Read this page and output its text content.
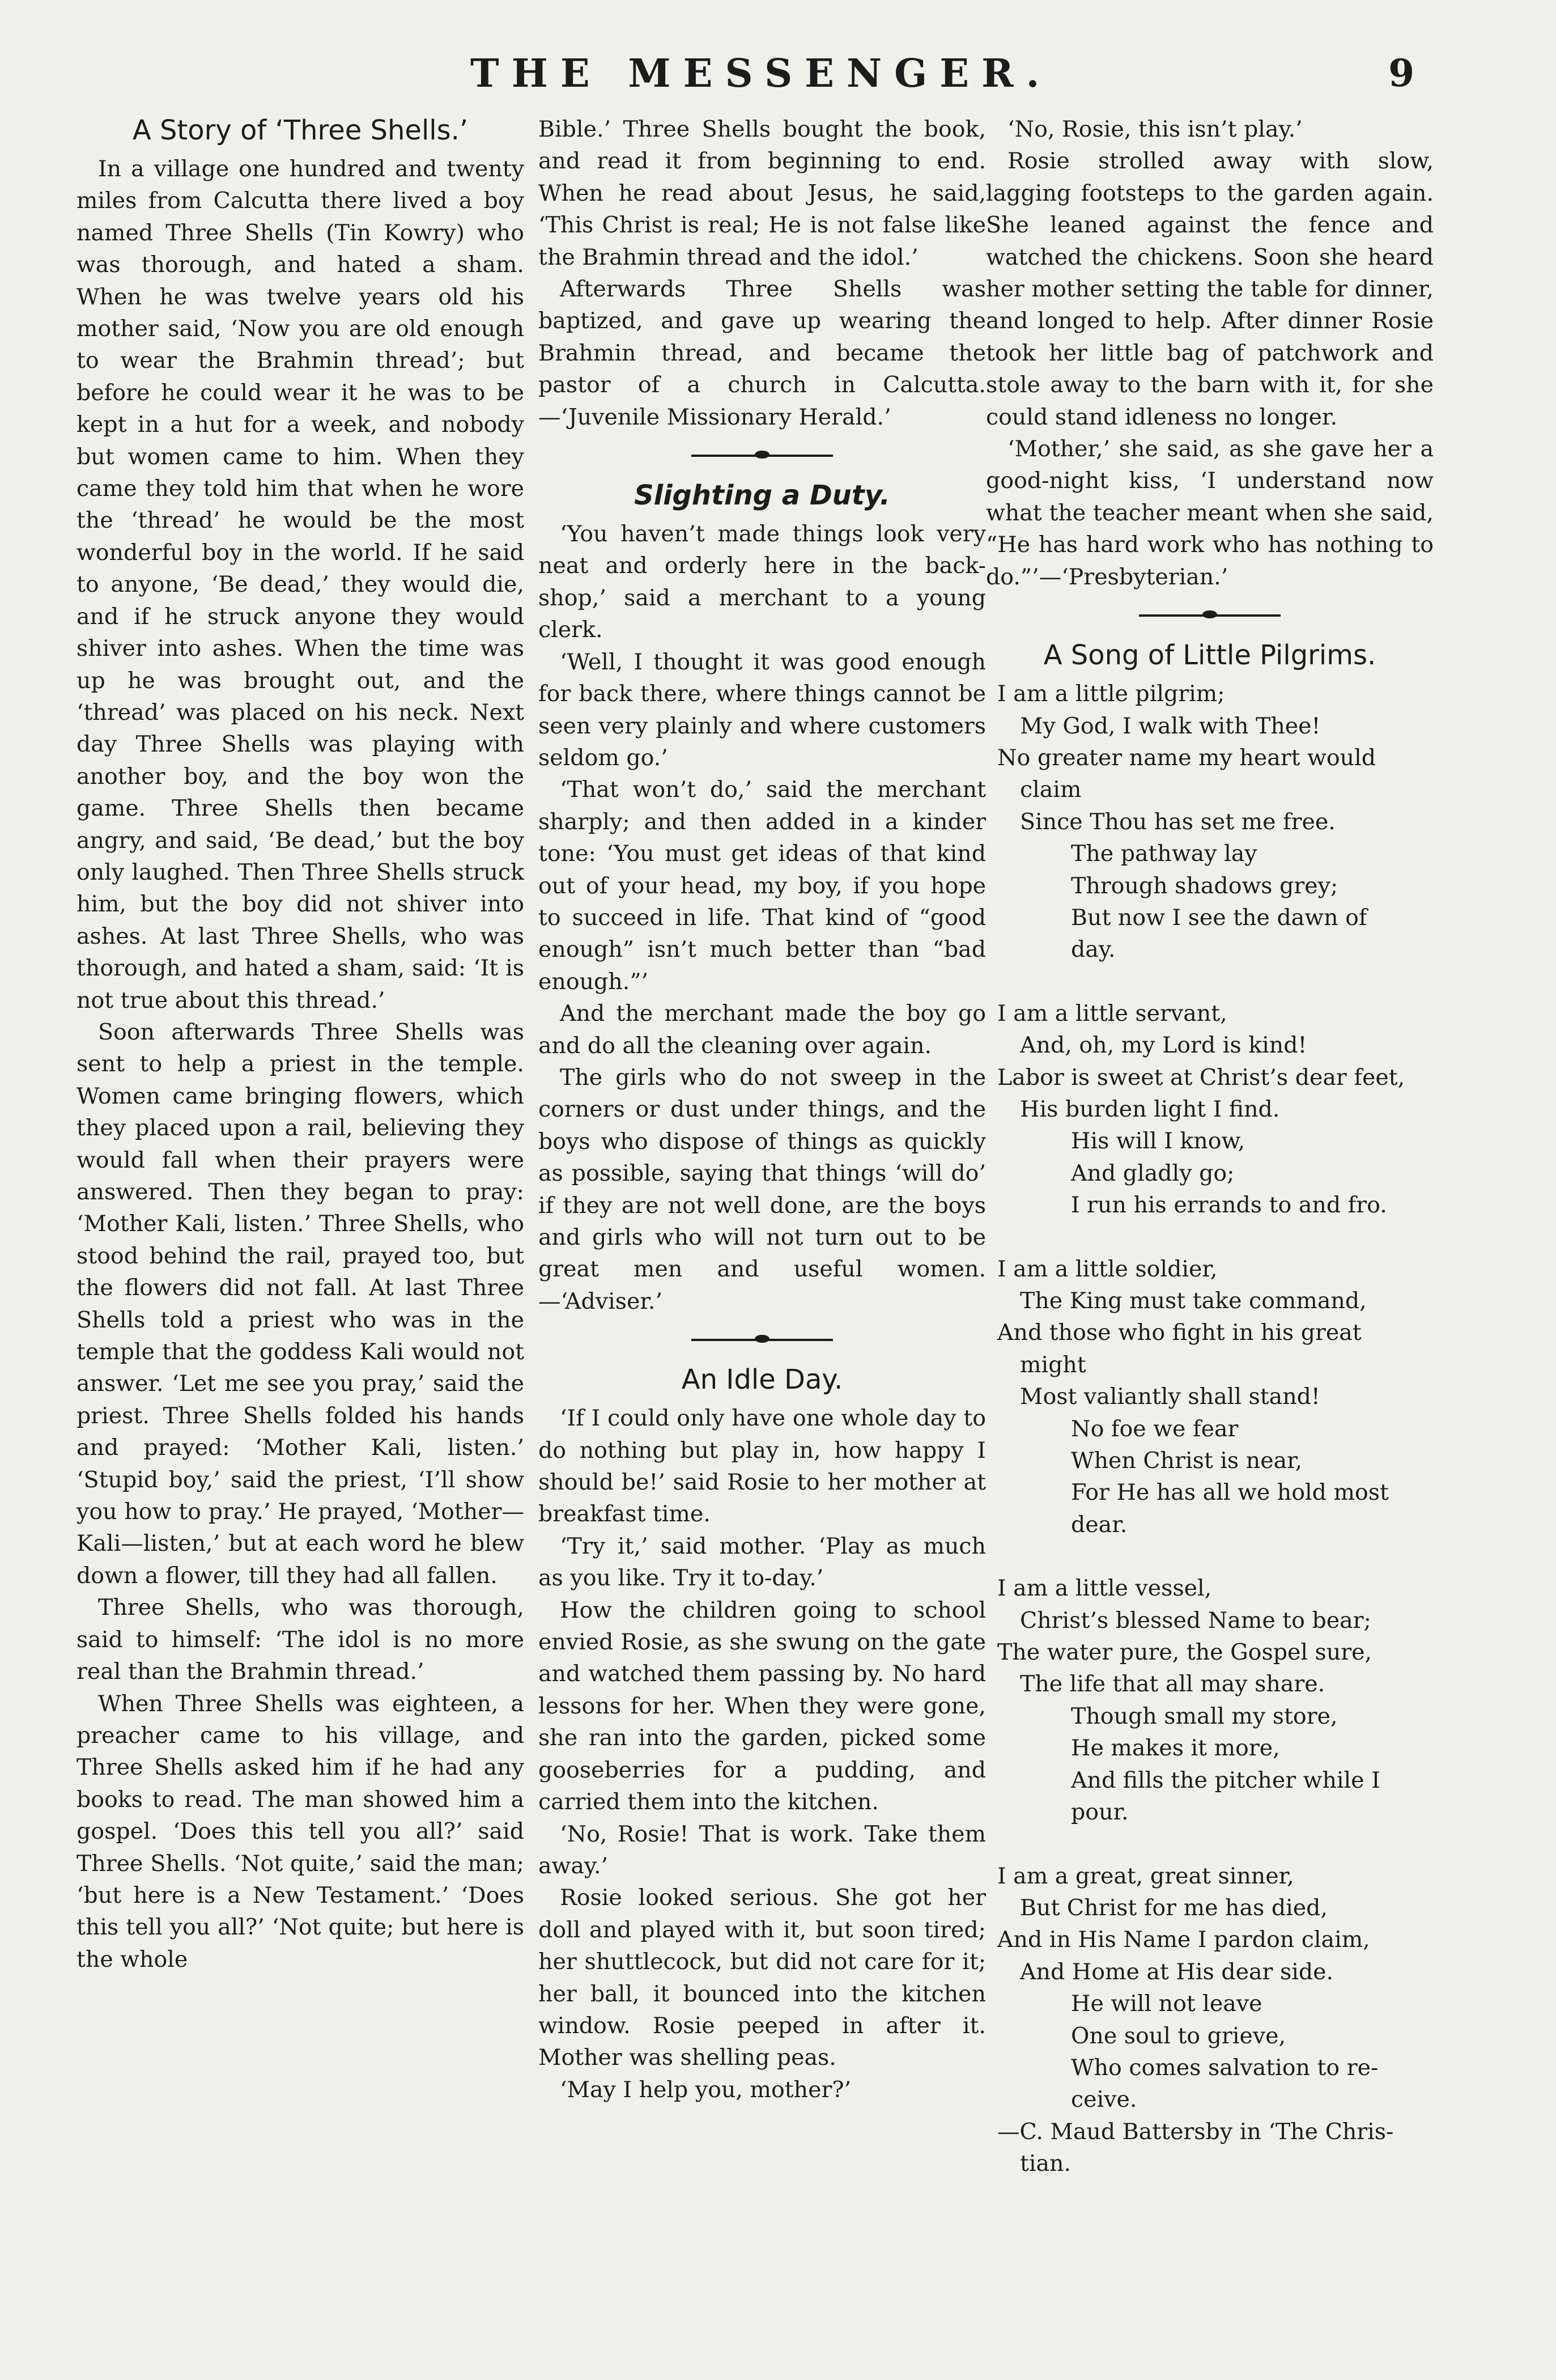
THE MESSENGER.	9
A Story of ‘Three Shells.’

In a village one hundred and twenty miles from Calcutta there lived a boy named Three Shells (Tin Kowry) who was thorough, and hated a sham. When he was twelve years old his mother said, ‘Now you are old enough to wear the Brahmin thread’; but before he could wear it he was to be kept in a hut for a week, and nobody but women came to him. When they came they told him that when he wore the ‘thread’ he would be the most wonderful boy in the world. If he said to anyone, ‘Be dead,’ they would die, and if he struck anyone they would shiver into ashes. When the time was up he was brought out, and the ‘thread’ was placed on his neck. Next day Three Shells was playing with another boy, and the boy won the game. Three Shells then became angry, and said, ‘Be dead,’ but the boy only laughed. Then Three Shells struck him, but the boy did not shiver into ashes. At last Three Shells, who was thorough, and hated a sham, said: ‘It is not true about this thread.’

Soon afterwards Three Shells was sent to help a priest in the temple. Women came bringing flowers, which they placed upon a rail, believing they would fall when their prayers were answered. Then they began to pray: ‘Mother Kali, listen.’ Three Shells, who stood behind the rail, prayed too, but the flowers did not fall. At last Three Shells told a priest who was in the temple that the goddess Kali would not answer. ‘Let me see you pray,’ said the priest. Three Shells folded his hands and prayed: ‘Mother Kali, listen.’ ‘Stupid boy,’ said the priest, ‘I’ll show you how to pray.’ He prayed, ‘Mother—Kali—listen,’ but at each word he blew down a flower, till they had all fallen.

Three Shells, who was thorough, said to himself: ‘The idol is no more real than the Brahmin thread.’

When Three Shells was eighteen, a preacher came to his village, and Three Shells asked him if he had any books to read. The man showed him a gospel. ‘Does this tell you all?’ said Three Shells. ‘Not quite,’ said the man; ‘but here is a New Testament.’ ‘Does this tell you all?’ ‘Not quite; but here is the whole

Bible.’ Three Shells bought the book, and read it from beginning to end. When he read about Jesus, he said, ‘This Christ is real; He is not false like the Brahmin thread and the idol.’

Afterwards Three Shells was baptized, and gave up wearing the Brahmin thread, and became the pastor of a church in Calcutta.—‘Juvenile Missionary Herald.’

Slighting a Duty.

‘You haven’t made things look very neat and orderly here in the back-shop,’ said a merchant to a young clerk.

‘Well, I thought it was good enough for back there, where things cannot be seen very plainly and where customers seldom go.’

‘That won’t do,’ said the merchant sharply; and then added in a kinder tone: ‘You must get ideas of that kind out of your head, my boy, if you hope to succeed in life. That kind of “good enough” isn’t much better than “bad enough.”’

And the merchant made the boy go and do all the cleaning over again.

The girls who do not sweep in the corners or dust under things, and the boys who dispose of things as quickly as possible, saying that things ‘will do’ if they are not well done, are the boys and girls who will not turn out to be great men and useful women.—‘Adviser.’

An Idle Day.

‘If I could only have one whole day to do nothing but play in, how happy I should be!’ said Rosie to her mother at breakfast time.

‘Try it,’ said mother. ‘Play as much as you like. Try it to-day.’

How the children going to school envied Rosie, as she swung on the gate and watched them passing by. No hard lessons for her. When they were gone, she ran into the garden, picked some gooseberries for a pudding, and carried them into the kitchen.

‘No, Rosie! That is work. Take them away.’

Rosie looked serious. She got her doll and played with it, but soon tired; her shuttlecock, but did not care for it; her ball, it bounced into the kitchen window. Rosie peeped in after it. Mother was shelling peas.

‘May I help you, mother?’

‘No, Rosie, this isn’t play.’

Rosie strolled away with slow, lagging footsteps to the garden again. She leaned against the fence and watched the chickens. Soon she heard her mother setting the table for dinner, and longed to help. After dinner Rosie took her little bag of patchwork and stole away to the barn with it, for she could stand idleness no longer.

‘Mother,’ she said, as she gave her a good-night kiss, ‘I understand now what the teacher meant when she said, “He has hard work who has nothing to do.”’—‘Presbyterian.’

A Song of Little Pilgrims.

I am a little pilgrim;

My God, I walk with Thee!

No greater name my heart would

claim

Since Thou has set me free.

The pathway lay

Through shadows grey;

But now I see the dawn of

day.

I am a little servant,

And, oh, my Lord is kind!

Labor is sweet at Christ’s dear feet,

His burden light I find.

His will I know,

And gladly go;

I run his errands to and fro.

I am a little soldier,

The King must take command,

And those who fight in his great

might

Most valiantly shall stand!

No foe we fear

When Christ is near,

For He has all we hold most

dear.

I am a little vessel,

Christ’s blessed Name to bear;

The water pure, the Gospel sure,

The life that all may share.

Though small my store,

He makes it more,

And fills the pitcher while I

pour.

I am a great, great sinner,

But Christ for me has died,

And in His Name I pardon claim,

And Home at His dear side.

He will not leave

One soul to grieve,

Who comes salvation to re-

ceive.

—C. Maud Battersby in ‘The Chris-

tian.
